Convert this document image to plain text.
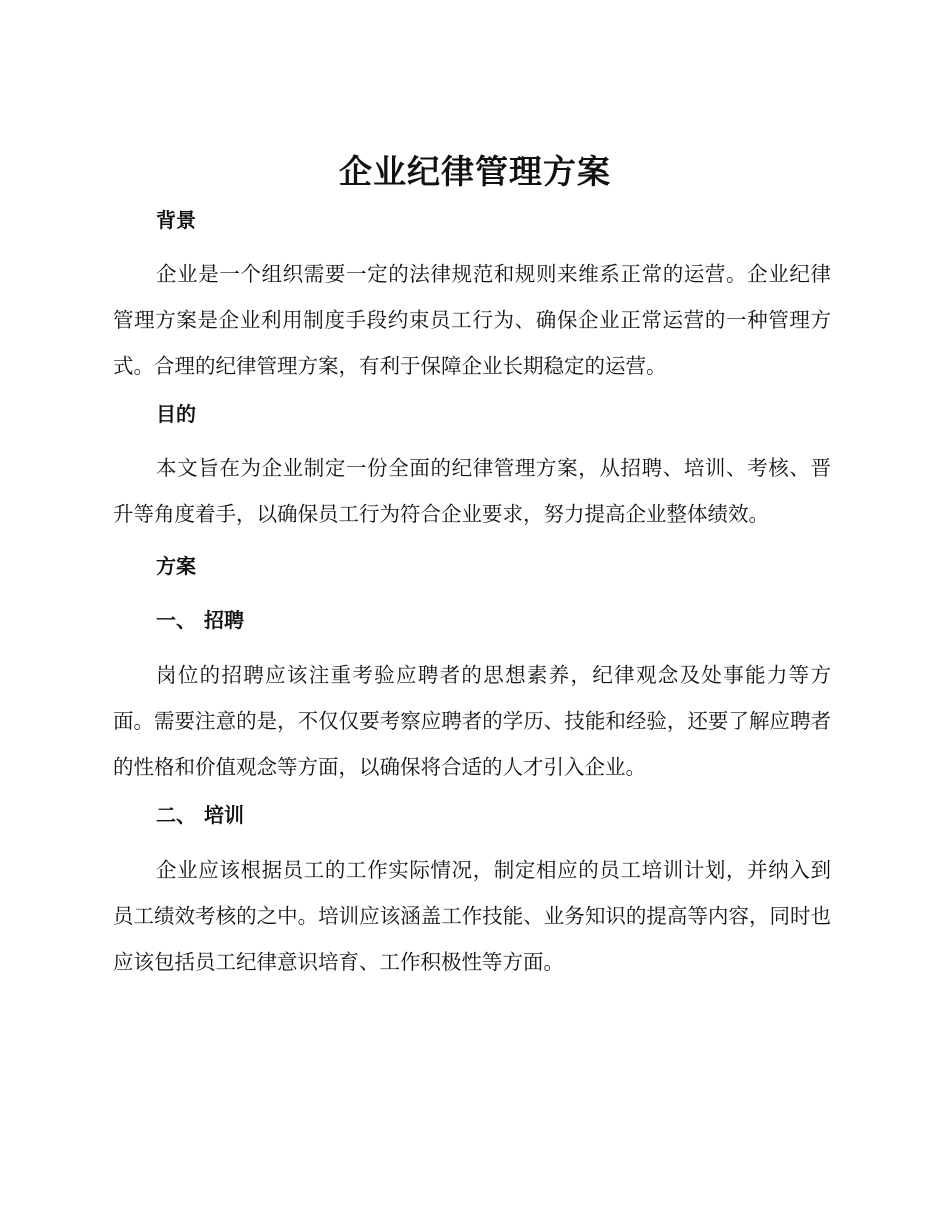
企业纪律管理方案
背景

企业是一个组织需要一定的法律规范和规则来维系正常的运营。企业纪律管理方案是企业利用制度手段约束员工行为、确保企业正常运营的一种管理方式。合理的纪律管理方案，有利于保障企业长期稳定的运营。

目的

本文旨在为企业制定一份全面的纪律管理方案，从招聘、培训、考核、晋升等角度着手，以确保员工行为符合企业要求，努力提高企业整体绩效。

方案
一、 招聘

岗位的招聘应该注重考验应聘者的思想素养，纪律观念及处事能力等方面。需要注意的是，不仅仅要考察应聘者的学历、技能和经验，还要了解应聘者的性格和价值观念等方面，以确保将合适的人才引入企业。

二、 培训

企业应该根据员工的工作实际情况，制定相应的员工培训计划，并纳入到员工绩效考核的之中。培训应该涵盖工作技能、业务知识的提高等内容，同时也应该包括员工纪律意识培育、工作积极性等方面。
